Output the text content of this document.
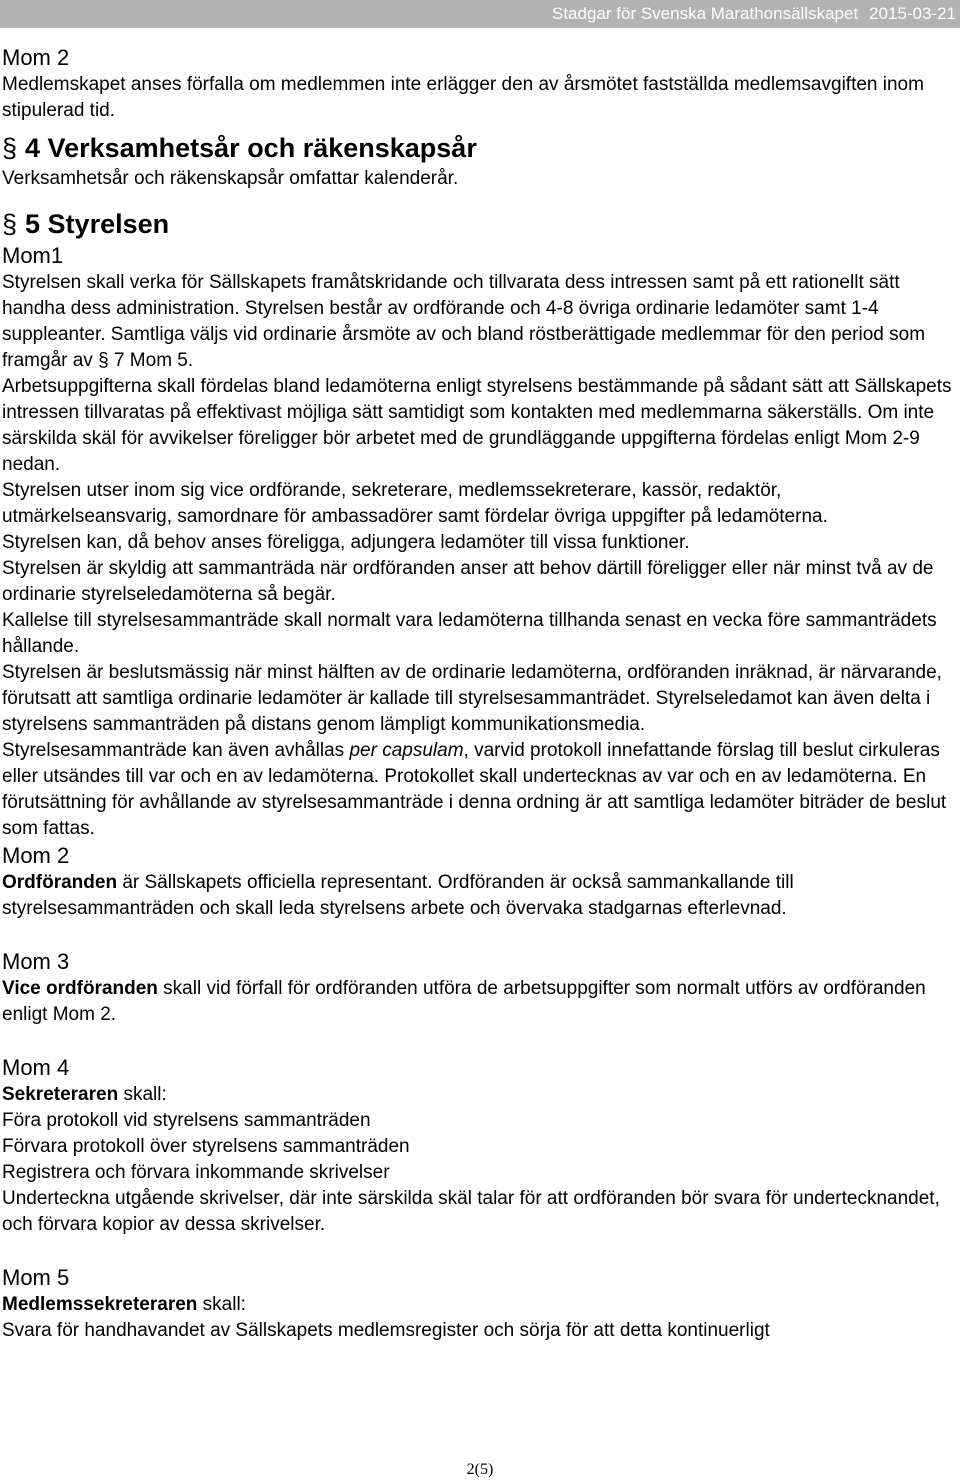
Stadgar för Svenska Marathonsällskapet 2015-03-21

Mom 2

Medlemskapet anses förfalla om medlemmen inte erlägger den av årsmötet fastställda medlemsavgiften inom stipulerad tid.

§ 4 Verksamhetsår och räkenskapsår

Verksamhetsår och räkenskapsår omfattar kalenderår.

§ 5 Styrelsen

Mom1

Styrelsen skall verka för Sällskapets framåtskridande och tillvarata dess intressen samt på ett rationellt sätt handha dess administration. Styrelsen består av ordförande och 4-8 övriga ordinarie ledamöter samt 1-4 suppleanter. Samtliga väljs vid ordinarie årsmöte av och bland röstberättigade medlemmar för den period som framgår av § 7 Mom 5.

Arbetsuppgifterna skall fördelas bland ledamöterna enligt styrelsens bestämmande på sådant sätt att Sällskapets intressen tillvaratas på effektivast möjliga sätt samtidigt som kontakten med medlemmarna säkerställs. Om inte särskilda skäl för avvikelser föreligger bör arbetet med de grundläggande uppgifterna fördelas enligt Mom 2-9 nedan.

Styrelsen utser inom sig vice ordförande, sekreterare, medlemssekreterare, kassör, redaktör, utmärkelseansvarig, samordnare för ambassadörer samt fördelar övriga uppgifter på ledamöterna.

Styrelsen kan, då behov anses föreligga, adjungera ledamöter till vissa funktioner.

Styrelsen är skyldig att sammanträda när ordföranden anser att behov därtill föreligger eller när minst två av de ordinarie styrelseledamöterna så begär.

Kallelse till styrelsesammanträde skall normalt vara ledamöterna tillhanda senast en vecka före sammanträdets hållande.

Styrelsen är beslutsmässig när minst hälften av de ordinarie ledamöterna, ordföranden inräknad, är närvarande, förutsatt att samtliga ordinarie ledamöter är kallade till styrelsesammanträdet. Styrelseledamot kan även delta i styrelsens sammanträden på distans genom lämpligt kommunikationsmedia.

Styrelsesammanträde kan även avhållas per capsulam, varvid protokoll innefattande förslag till beslut cirkuleras eller utsändes till var och en av ledamöterna. Protokollet skall undertecknas av var och en av ledamöterna. En förutsättning för avhållande av styrelsesammanträde i denna ordning är att samtliga ledamöter biträder de beslut som fattas.

Mom 2

Ordföranden är Sällskapets officiella representant. Ordföranden är också sammankallande till styrelsesammanträden och skall leda styrelsens arbete och övervaka stadgarnas efterlevnad.

Mom 3

Vice ordföranden skall vid förfall för ordföranden utföra de arbetsuppgifter som normalt utförs av ordföranden enligt Mom 2.

Mom 4

Sekreteraren skall:

Föra protokoll vid styrelsens sammanträden

Förvara protokoll över styrelsens sammanträden

Registrera och förvara inkommande skrivelser

Underteckna utgående skrivelser, där inte särskilda skäl talar för att ordföranden bör svara för undertecknandet, och förvara kopior av dessa skrivelser.

Mom 5

Medlemssekreteraren skall:

Svara för handhavandet av Sällskapets medlemsregister och sörja för att detta kontinuerligt

2(5)
